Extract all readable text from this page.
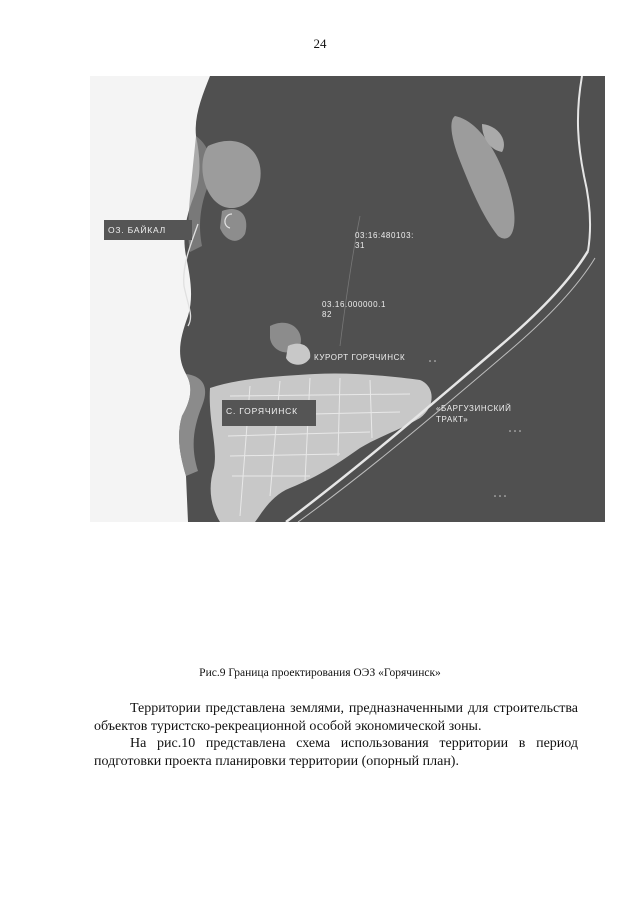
24
ОЗ. БАЙКАЛ
03:16:480103:
31
03.16.000000.1
82
КУРОРТ ГОРЯЧИНСК
С. ГОРЯЧИНСК	«БАРГУЗИНСКИЙ
ТРАКТ»
Рис.9 Граница проектирования ОЭЗ «Горячинск»
Территории представлена землями, предназначенными для строительства объектов туристско-рекреационной особой экономической зоны.
На рис.10 представлена схема использования территории в период подготовки проекта планировки территории (опорный план).
